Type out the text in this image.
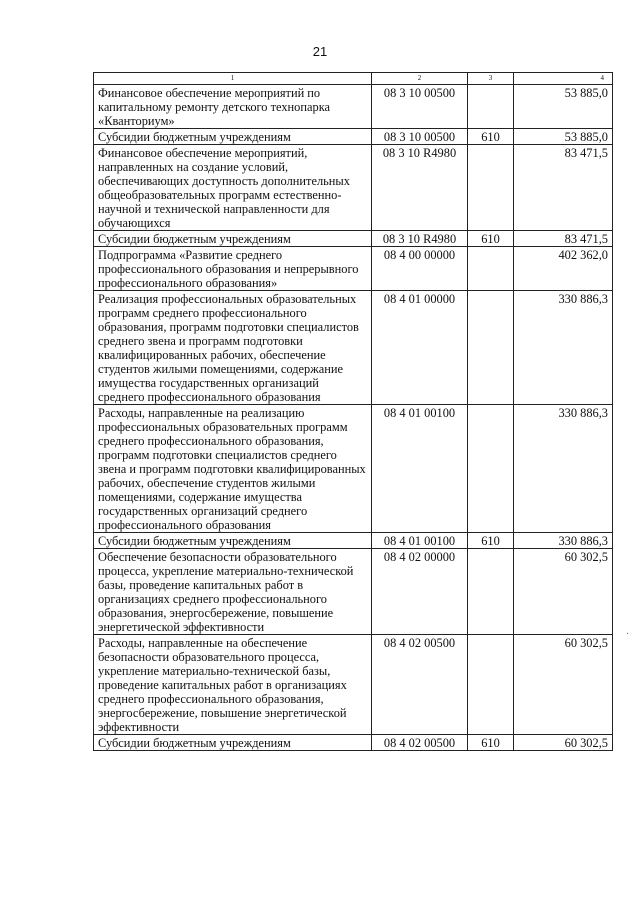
21
1	2	3	4
Финансовое обеспечение мероприятий по капитальному ремонту детского технопарка «Кванториум»	08 3 10 00500		53 885,0
Субсидии бюджетным учреждениям	08 3 10 00500	610	53 885,0
Финансовое обеспечение мероприятий, направленных на создание условий, обеспечивающих доступность дополнительных общеобразовательных программ естественно-научной и технической направленности для обучающихся	08 3 10 R4980		83 471,5
Субсидии бюджетным учреждениям	08 3 10 R4980	610	83 471,5
Подпрограмма «Развитие среднего профессионального образования и непрерывного профессионального образования»	08 4 00 00000		402 362,0
Реализация профессиональных образовательных программ среднего профессионального образования, программ подготовки специалистов среднего звена и программ подготовки квалифицированных рабочих, обеспечение студентов жилыми помещениями, содержание имущества государственных организаций среднего профессионального образования	08 4 01 00000		330 886,3
Расходы, направленные на реализацию профессиональных образовательных программ среднего профессионального образования, программ подготовки специалистов среднего звена и программ подготовки квалифицированных рабочих, обеспечение студентов жилыми помещениями, содержание имущества государственных организаций среднего профессионального образования	08 4 01 00100		330 886,3
Субсидии бюджетным учреждениям	08 4 01 00100	610	330 886,3
Обеспечение безопасности образовательного процесса, укрепление материально-технической базы, проведение капитальных работ в организациях среднего профессионального образования, энергосбережение, повышение энергетической эффективности	08 4 02 00000		60 302,5
Расходы, направленные на обеспечение безопасности образовательного процесса, укрепление материально-технической базы, проведение капитальных работ в организациях среднего профессионального образования, энергосбережение, повышение энергетической эффективности	08 4 02 00500		60 302,5
Субсидии бюджетным учреждениям	08 4 02 00500	610	60 302,5
·
